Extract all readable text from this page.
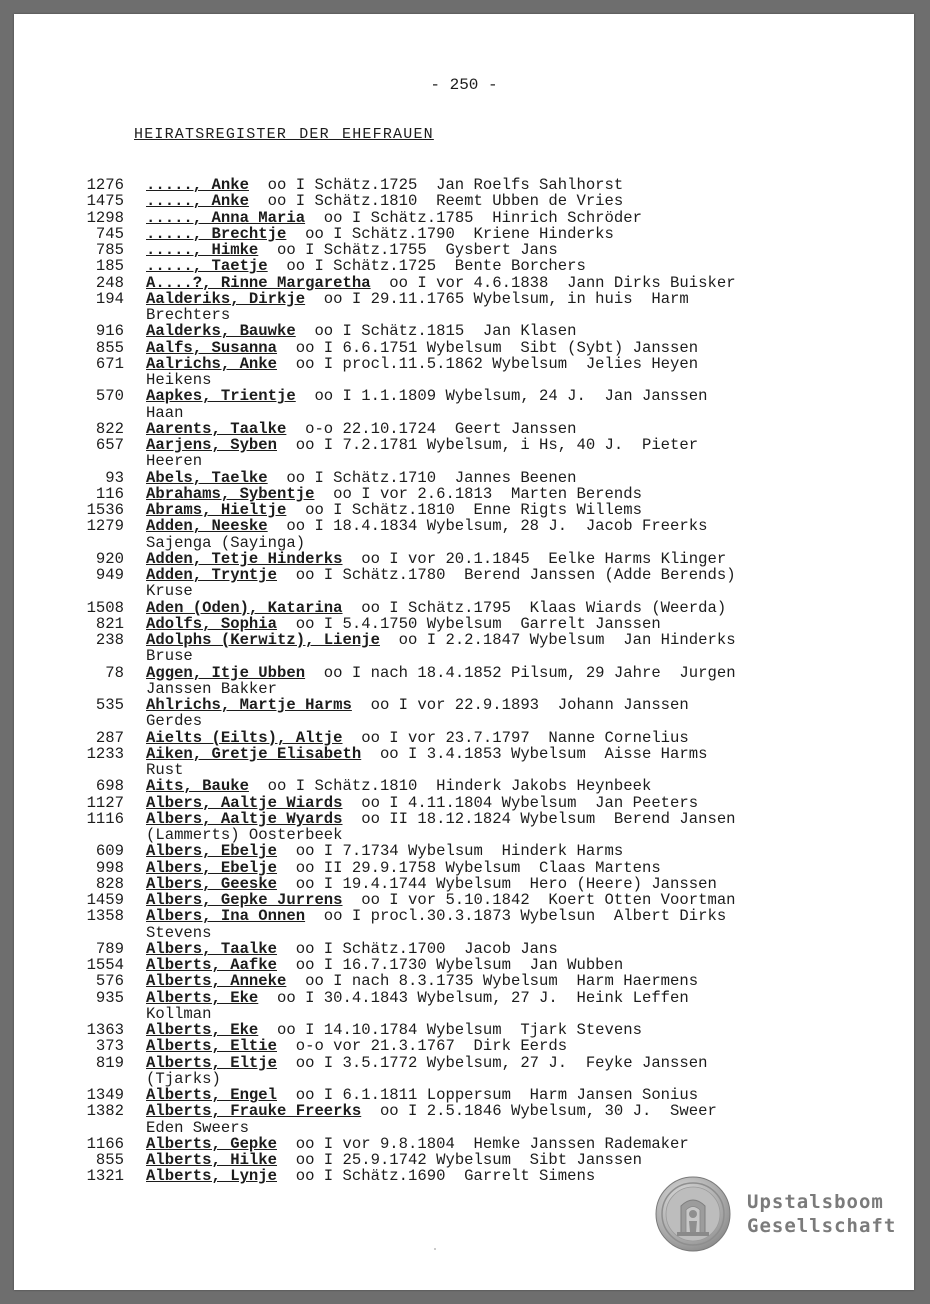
- 250 -
HEIRATSREGISTER DER EHEFRAUEN
1276 ....., Anke  oo I Schätz.1725  Jan Roelfs Sahlhorst
1475 ....., Anke  oo I Schätz.1810  Reemt Ubben de Vries
1298 ....., Anna Maria  oo I Schätz.1785  Hinrich Schröder
745 ....., Brechtje  oo I Schätz.1790  Kriene Hinderks
785 ....., Himke  oo I Schätz.1755  Gysbert Jans
185 ....., Taetje  oo I Schätz.1725  Bente Borchers
248 A....?, Rinne Margaretha  oo I vor 4.6.1838  Jann Dirks Buisker
194 Aalderiks, Dirkje  oo I 29.11.1765 Wybelsum, in huis  Harm
Brechters
916 Aalderks, Bauwke  oo I Schätz.1815  Jan Klasen
855 Aalfs, Susanna  oo I 6.6.1751 Wybelsum  Sibt (Sybt) Janssen
671 Aalrichs, Anke  oo I procl.11.5.1862 Wybelsum  Jelies Heyen
Heikens
570 Aapkes, Trientje  oo I 1.1.1809 Wybelsum, 24 J.  Jan Janssen
Haan
822 Aarents, Taalke  o-o 22.10.1724  Geert Janssen
657 Aarjens, Syben  oo I 7.2.1781 Wybelsum, i Hs, 40 J.  Pieter
Heeren
93 Abels, Taelke  oo I Schätz.1710  Jannes Beenen
116 Abrahams, Sybentje  oo I vor 2.6.1813  Marten Berends
1536 Abrams, Hieltje  oo I Schätz.1810  Enne Rigts Willems
1279 Adden, Neeske  oo I 18.4.1834 Wybelsum, 28 J.  Jacob Freerks
Sajenga (Sayinga)
920 Adden, Tetje Hinderks  oo I vor 20.1.1845  Eelke Harms Klinger
949 Adden, Tryntje  oo I Schätz.1780  Berend Janssen (Adde Berends)
Kruse
1508 Aden (Oden), Katarina  oo I Schätz.1795  Klaas Wiards (Weerda)
821 Adolfs, Sophia  oo I 5.4.1750 Wybelsum  Garrelt Janssen
238 Adolphs (Kerwitz), Lienje  oo I 2.2.1847 Wybelsum  Jan Hinderks
Bruse
78 Aggen, Itje Ubben  oo I nach 18.4.1852 Pilsum, 29 Jahre  Jurgen
Janssen Bakker
535 Ahlrichs, Martje Harms  oo I vor 22.9.1893  Johann Janssen
Gerdes
287 Aielts (Eilts), Altje  oo I vor 23.7.1797  Nanne Cornelius
1233 Aiken, Gretje Elisabeth  oo I 3.4.1853 Wybelsum  Aisse Harms
Rust
698 Aits, Bauke  oo I Schätz.1810  Hinderk Jakobs Heynbeek
1127 Albers, Aaltje Wiards  oo I 4.11.1804 Wybelsum  Jan Peeters
1116 Albers, Aaltje Wyards  oo II 18.12.1824 Wybelsum  Berend Jansen
(Lammerts) Oosterbeek
609 Albers, Ebelje  oo I 7.1734 Wybelsum  Hinderk Harms
998 Albers, Ebelje  oo II 29.9.1758 Wybelsum  Claas Martens
828 Albers, Geeske  oo I 19.4.1744 Wybelsum  Hero (Heere) Janssen
1459 Albers, Gepke Jurrens  oo I vor 5.10.1842  Koert Otten Voortman
1358 Albers, Ina Onnen  oo I procl.30.3.1873 Wybelsun  Albert Dirks
Stevens
789 Albers, Taalke  oo I Schätz.1700  Jacob Jans
1554 Alberts, Aafke  oo I 16.7.1730 Wybelsum  Jan Wubben
576 Alberts, Anneke  oo I nach 8.3.1735 Wybelsum  Harm Haermens
935 Alberts, Eke  oo I 30.4.1843 Wybelsum, 27 J.  Heink Leffen
Kollman
1363 Alberts, Eke  oo I 14.10.1784 Wybelsum  Tjark Stevens
373 Alberts, Eltie  o-o vor 21.3.1767  Dirk Eerds
819 Alberts, Eltje  oo I 3.5.1772 Wybelsum, 27 J.  Feyke Janssen
(Tjarks)
1349 Alberts, Engel  oo I 6.1.1811 Loppersum  Harm Jansen Sonius
1382 Alberts, Frauke Freerks  oo I 2.5.1846 Wybelsum, 30 J.  Sweer
Eden Sweers
1166 Alberts, Gepke  oo I vor 9.8.1804  Hemke Janssen Rademaker
855 Alberts, Hilke  oo I 25.9.1742 Wybelsum  Sibt Janssen
1321 Alberts, Lynje  oo I Schätz.1690  Garrelt Simens
Upstalsboom
Gesellschaft
